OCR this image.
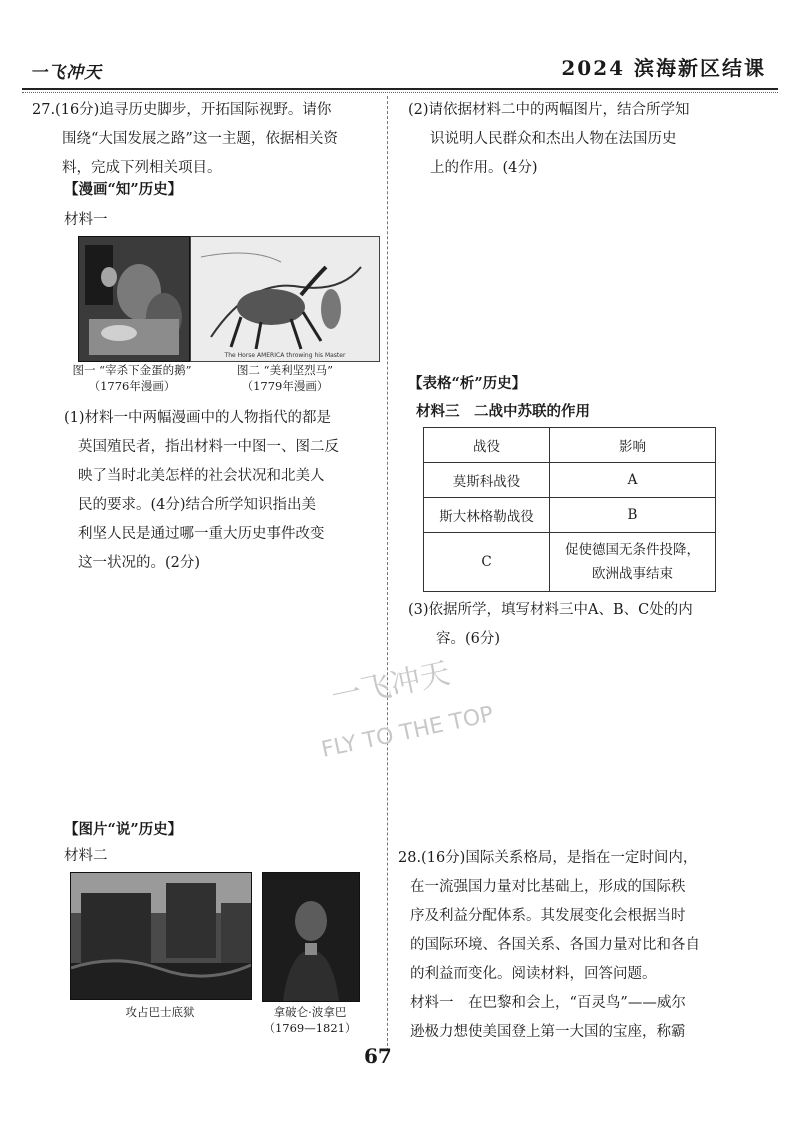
一飞冲天	2024 滨海新区结课
27.(16分)追寻历史脚步，开拓国际视野。请你
围绕“大国发展之路”这一主题，依据相关资
料，完成下列相关项目。
【漫画“知”历史】
材料一
The Horse AMERICA throwing his Master
图一 “宰杀下金蛋的鹅”
（1776年漫画）
图二 “美利坚烈马”
（1779年漫画）
(1)材料一中两幅漫画中的人物指代的都是
英国殖民者，指出材料一中图一、图二反
映了当时北美怎样的社会状况和北美人
民的要求。(4分)结合所学知识指出美
利坚人民是通过哪一重大历史事件改变
这一状况的。(2分)
【图片“说”历史】
材料二
攻占巴士底狱	拿破仑·波拿巴
（1769—1821）
(2)请依据材料二中的两幅图片，结合所学知
识说明人民群众和杰出人物在法国历史
上的作用。(4分)
【表格“析”历史】
材料三　二战中苏联的作用
战役	影响
莫斯科战役	A
斯大林格勒战役	B
C	促使德国无条件投降，欧洲战事结束
(3)依据所学，填写材料三中A、B、C处的内
容。(6分)
一飞冲天
FLY TO THE TOP
28.(16分)国际关系格局，是指在一定时间内，
在一流强国力量对比基础上，形成的国际秩
序及利益分配体系。其发展变化会根据当时
的国际环境、各国关系、各国力量对比和各自
的利益而变化。阅读材料，回答问题。
材料一　在巴黎和会上，“百灵鸟”——威尔
逊极力想使美国登上第一大国的宝座，称霸
67
